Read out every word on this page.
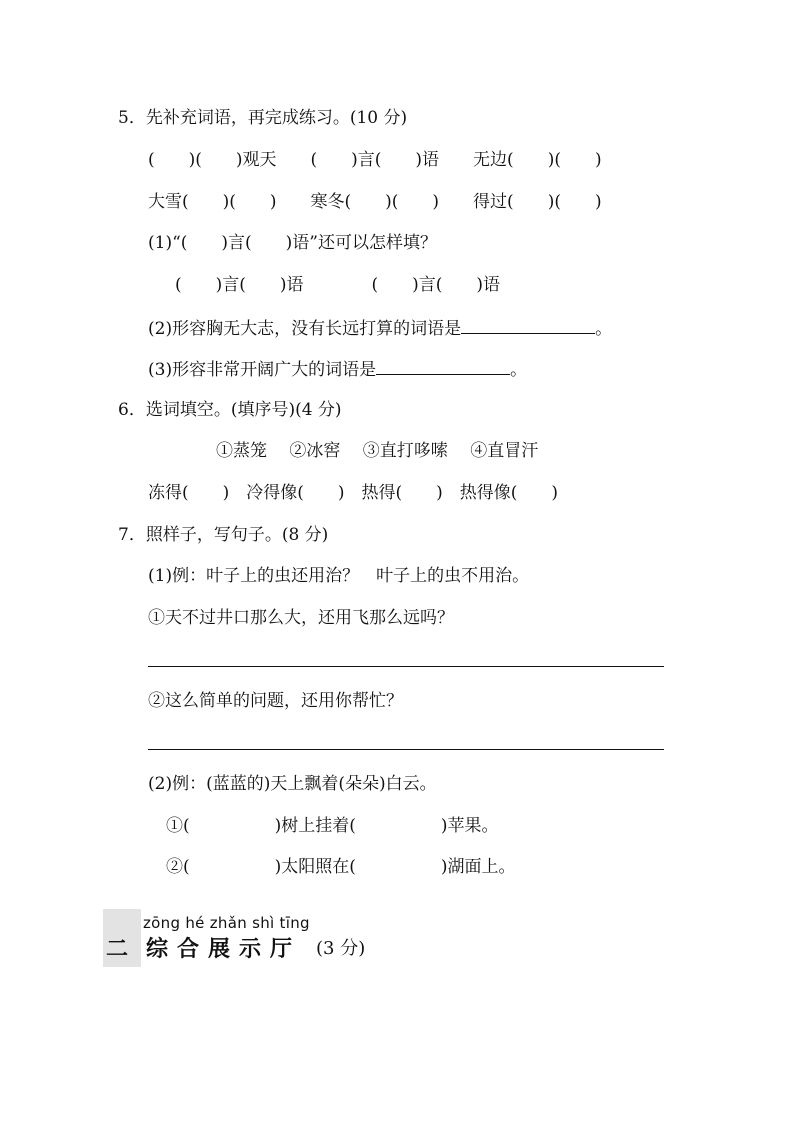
5．先补充词语，再完成练习。(10 分)
(　　)(　　)观天　　(　　)言(　　)语　　无边(　　)(　　)
大雪(　　)(　　)　　寒冬(　　)(　　)　　得过(　　)(　　)
(1)“(　　)言(　　)语”还可以怎样填？
(　　)言(　　)语　　　　(　　)言(　　)语
(2)形容胸无大志，没有长远打算的词语是	。
(3)形容非常开阔广大的词语是	。
6．选词填空。(填序号)(4 分)
①蒸笼　 ②冰窖　 ③直打哆嗦　 ④直冒汗
冻得(　　)　冷得像(　　)　热得(　　)　热得像(　　)
7．照样子，写句子。(8 分)
(1)例：叶子上的虫还用治？　叶子上的虫不用治。
①天不过井口那么大，还用飞那么远吗？
②这么简单的问题，还用你帮忙？
(2)例：(蓝蓝的)天上飘着(朵朵)白云。
①(　　　　　)树上挂着(　　　　　)苹果。
②(　　　　　)太阳照在(　　　　　)湖面上。
zōng hé zhǎn shì tīng
二 综合展示厅 (3 分)
